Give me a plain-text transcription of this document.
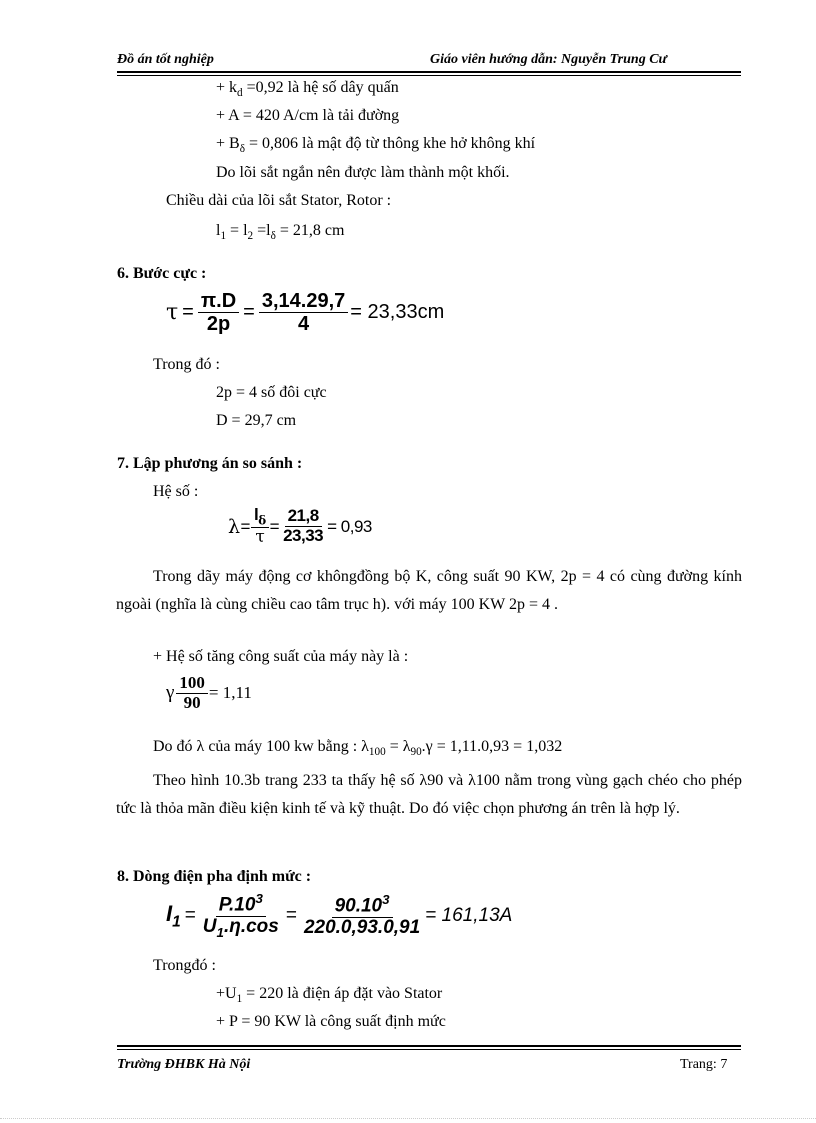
Đồ án tốt nghiệp	Giáo viên hướng dẫn: Nguyễn Trung Cư
+ $k_d =0,92$ là hệ số dây quấn
+ A = 420 A/cm là tải đường
+ $B_\delta = 0,806$ là mật độ từ thông khe hở không khí
Do lõi sắt ngắn nên được làm thành một khối.
Chiều dài của lõi sắt Stator, Rotor :
$l_1 = l_2 =l_\delta = 21,8$ cm
6. Bước cực :
$\tau = \frac{\pi.D}{2p} = \frac{3,14.29,7}{4} = 23,33cm$
Trong đó :
2p = 4 số đôi cực
D = 29,7 cm
7. Lập phương án so sánh :
Hệ số :
$\lambda = \frac{l_\delta}{\tau} = \frac{21,8}{23,33} = 0,93$
Trong dãy máy động cơ khôngđồng bộ K, công suất 90 KW, 2p = 4 có cùng đường kính ngoài (nghĩa là cùng chiều cao tâm trục h). với máy 100 KW 2p = 4 .
+ Hệ số tăng công suất của máy này là :
γ $\frac{100}{90} = 1,11$
Do đó λ của máy 100 kw bằng : $\lambda_{100} = \lambda_{90}.\gamma = 1,11.0,93 = 1,032$
Theo hình 10.3b trang 233 ta thấy hệ số λ90 và λ100 nằm trong vùng gạch chéo cho phép tức là thỏa mãn điều kiện kinh tế và kỹ thuật. Do đó việc chọn phương án trên là hợp lý.
8. Dòng điện pha định mức :
$I_1 = \frac{P.10^3}{U_1.\eta.\cos} = \frac{90.10^3}{220.0,93.0,91} = 161,13A$
Trongđó :
$+U_1 = 220$ là điện áp đặt vào Stator
+ P = 90 KW là công suất định mức
Trường ĐHBK Hà Nội	Trang: 7
